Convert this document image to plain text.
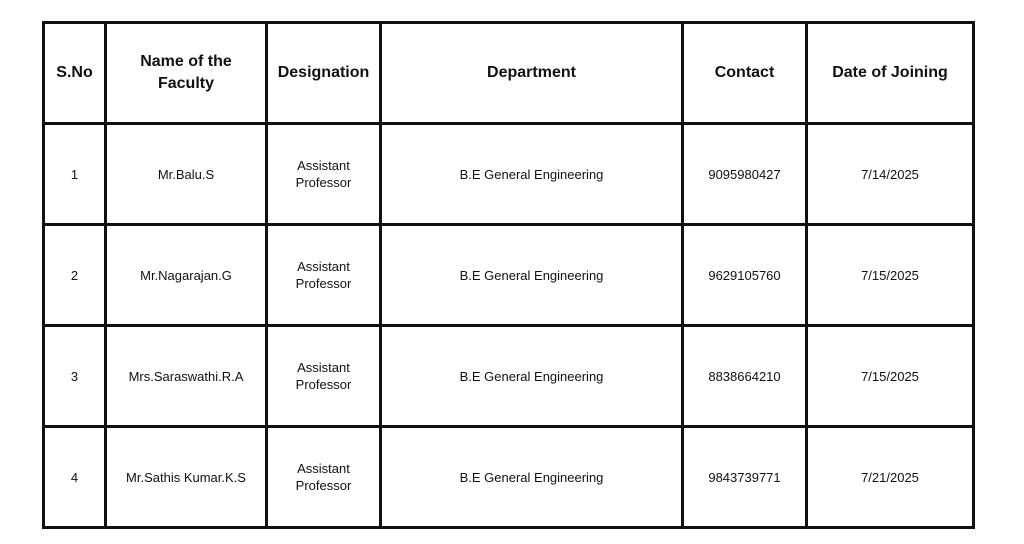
S.No	Name of the Faculty	Designation	Department	Contact	Date of Joining
1	Mr.Balu.S	Assistant Professor	B.E General Engineering	9095980427	7/14/2025
2	Mr.Nagarajan.G	Assistant Professor	B.E General Engineering	9629105760	7/15/2025
3	Mrs.Saraswathi.R.A	Assistant Professor	B.E General Engineering	8838664210	7/15/2025
4	Mr.Sathis Kumar.K.S	Assistant Professor	B.E General Engineering	9843739771	7/21/2025
